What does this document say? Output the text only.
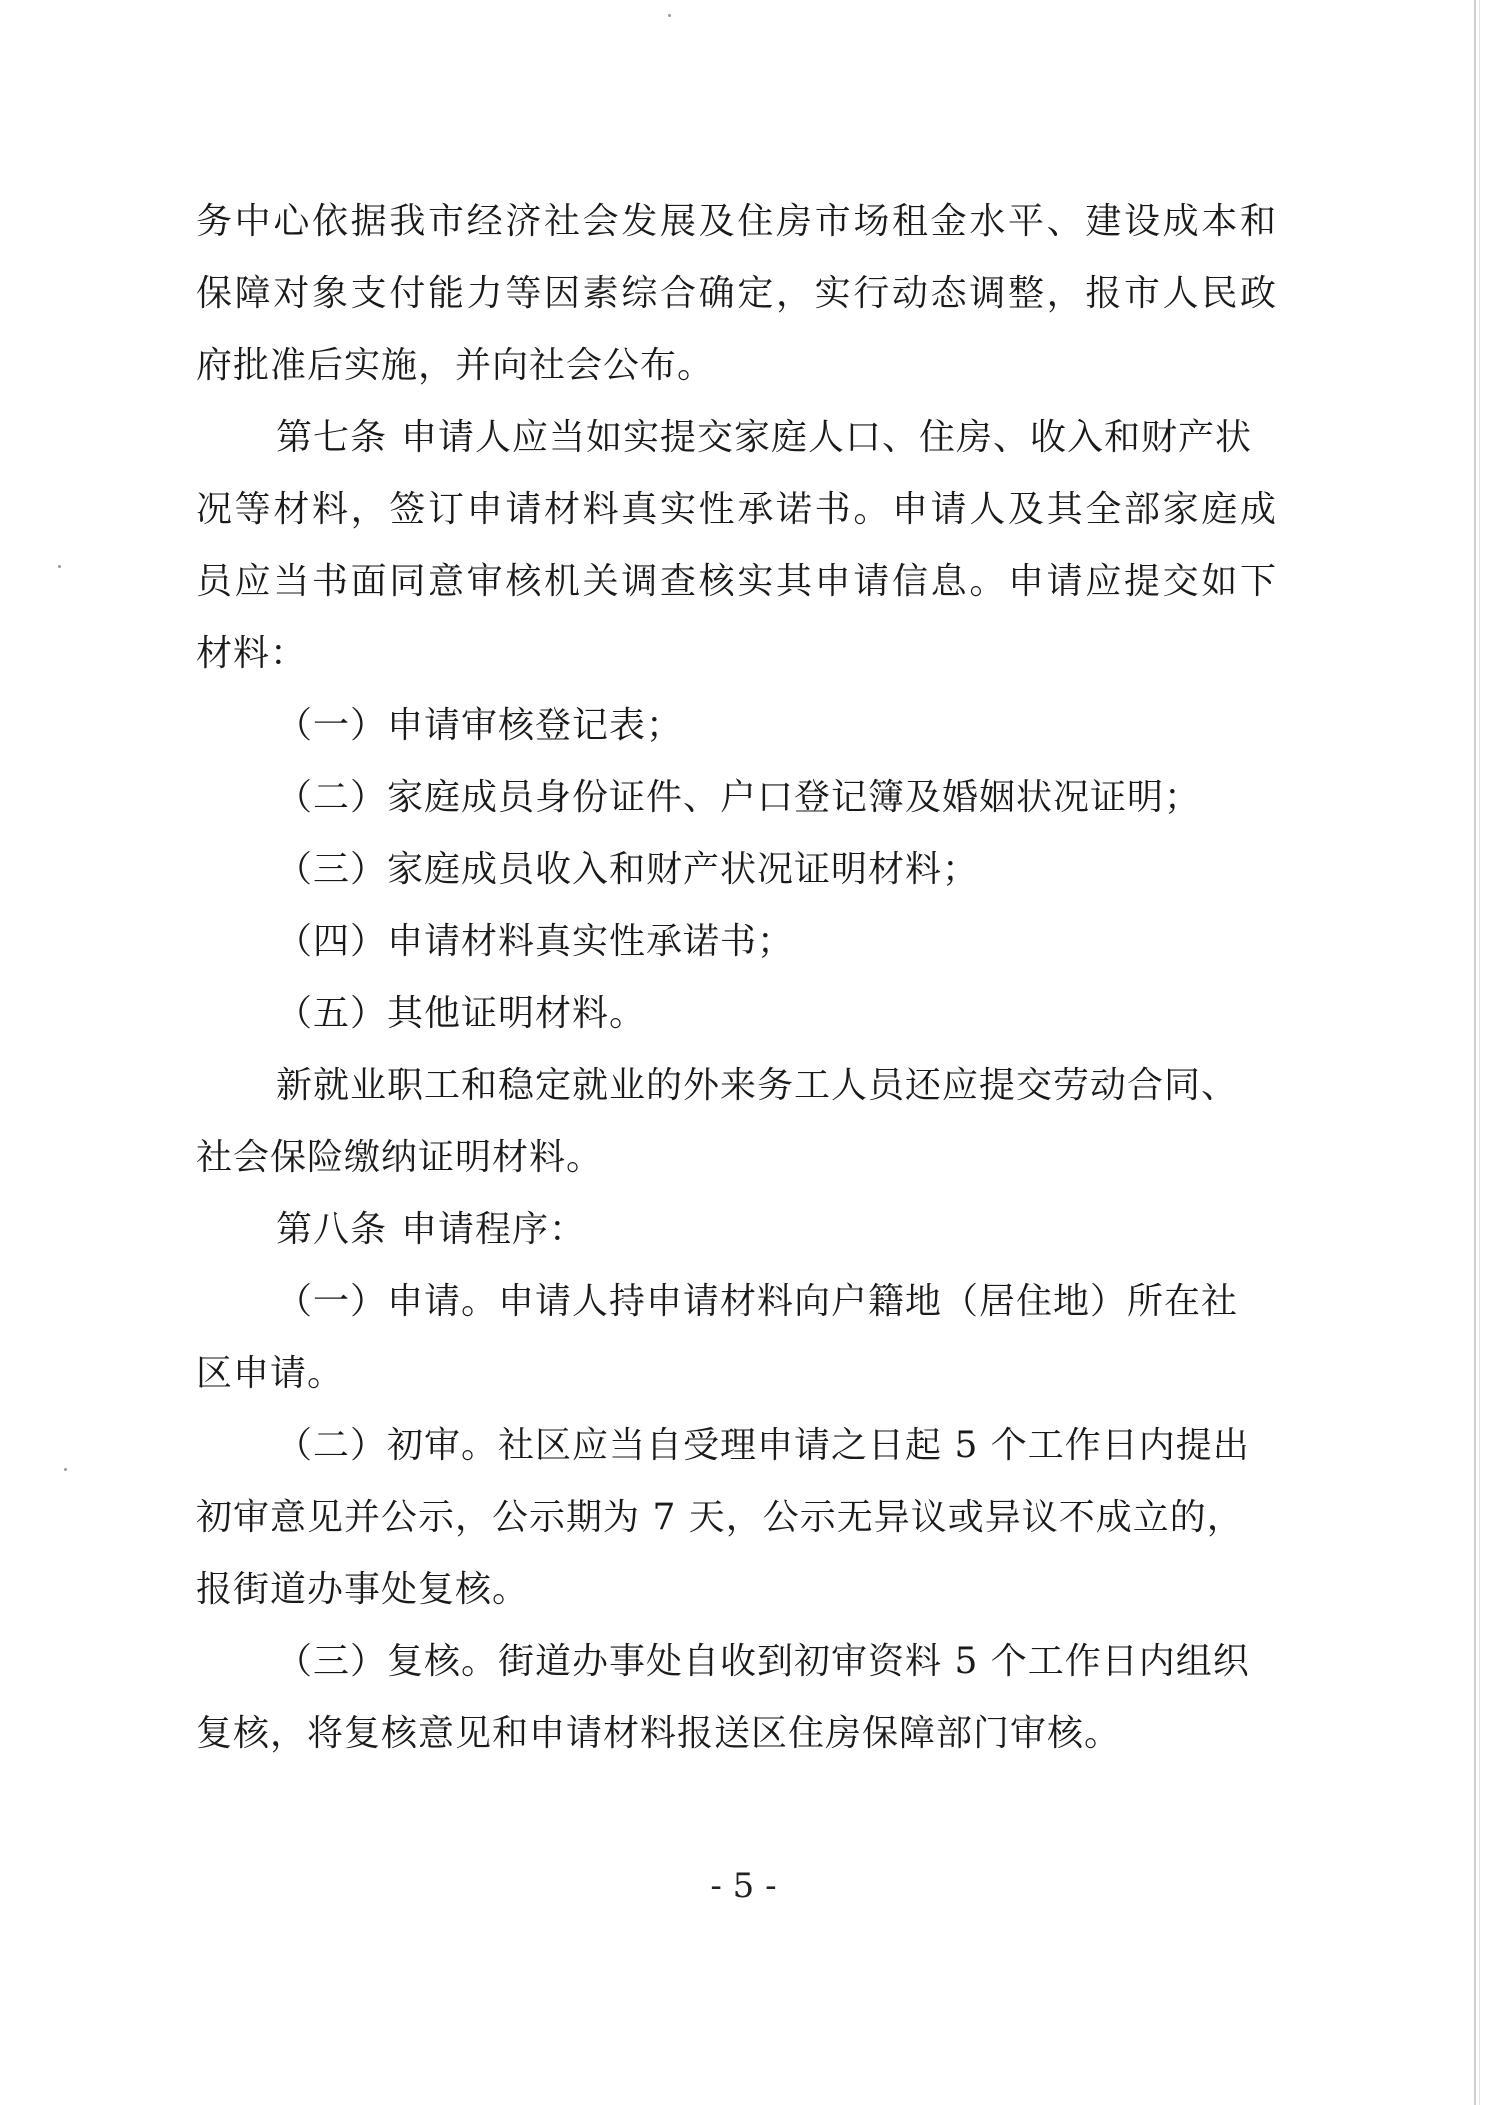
务中心依据我市经济社会发展及住房市场租金水平、建设成本和
保障对象支付能力等因素综合确定，实行动态调整，报市人民政
府批准后实施，并向社会公布。
第七条 申请人应当如实提交家庭人口、住房、收入和财产状
况等材料，签订申请材料真实性承诺书。申请人及其全部家庭成
员应当书面同意审核机关调查核实其申请信息。申请应提交如下
材料：
（一）申请审核登记表；
（二）家庭成员身份证件、户口登记簿及婚姻状况证明；
（三）家庭成员收入和财产状况证明材料；
（四）申请材料真实性承诺书；
（五）其他证明材料。
新就业职工和稳定就业的外来务工人员还应提交劳动合同、
社会保险缴纳证明材料。
第八条 申请程序：
（一）申请。申请人持申请材料向户籍地（居住地）所在社
区申请。
（二）初审。社区应当自受理申请之日起 5 个工作日内提出
初审意见并公示，公示期为 7 天，公示无异议或异议不成立的，
报街道办事处复核。
（三）复核。街道办事处自收到初审资料 5 个工作日内组织
复核，将复核意见和申请材料报送区住房保障部门审核。
- 5 -
